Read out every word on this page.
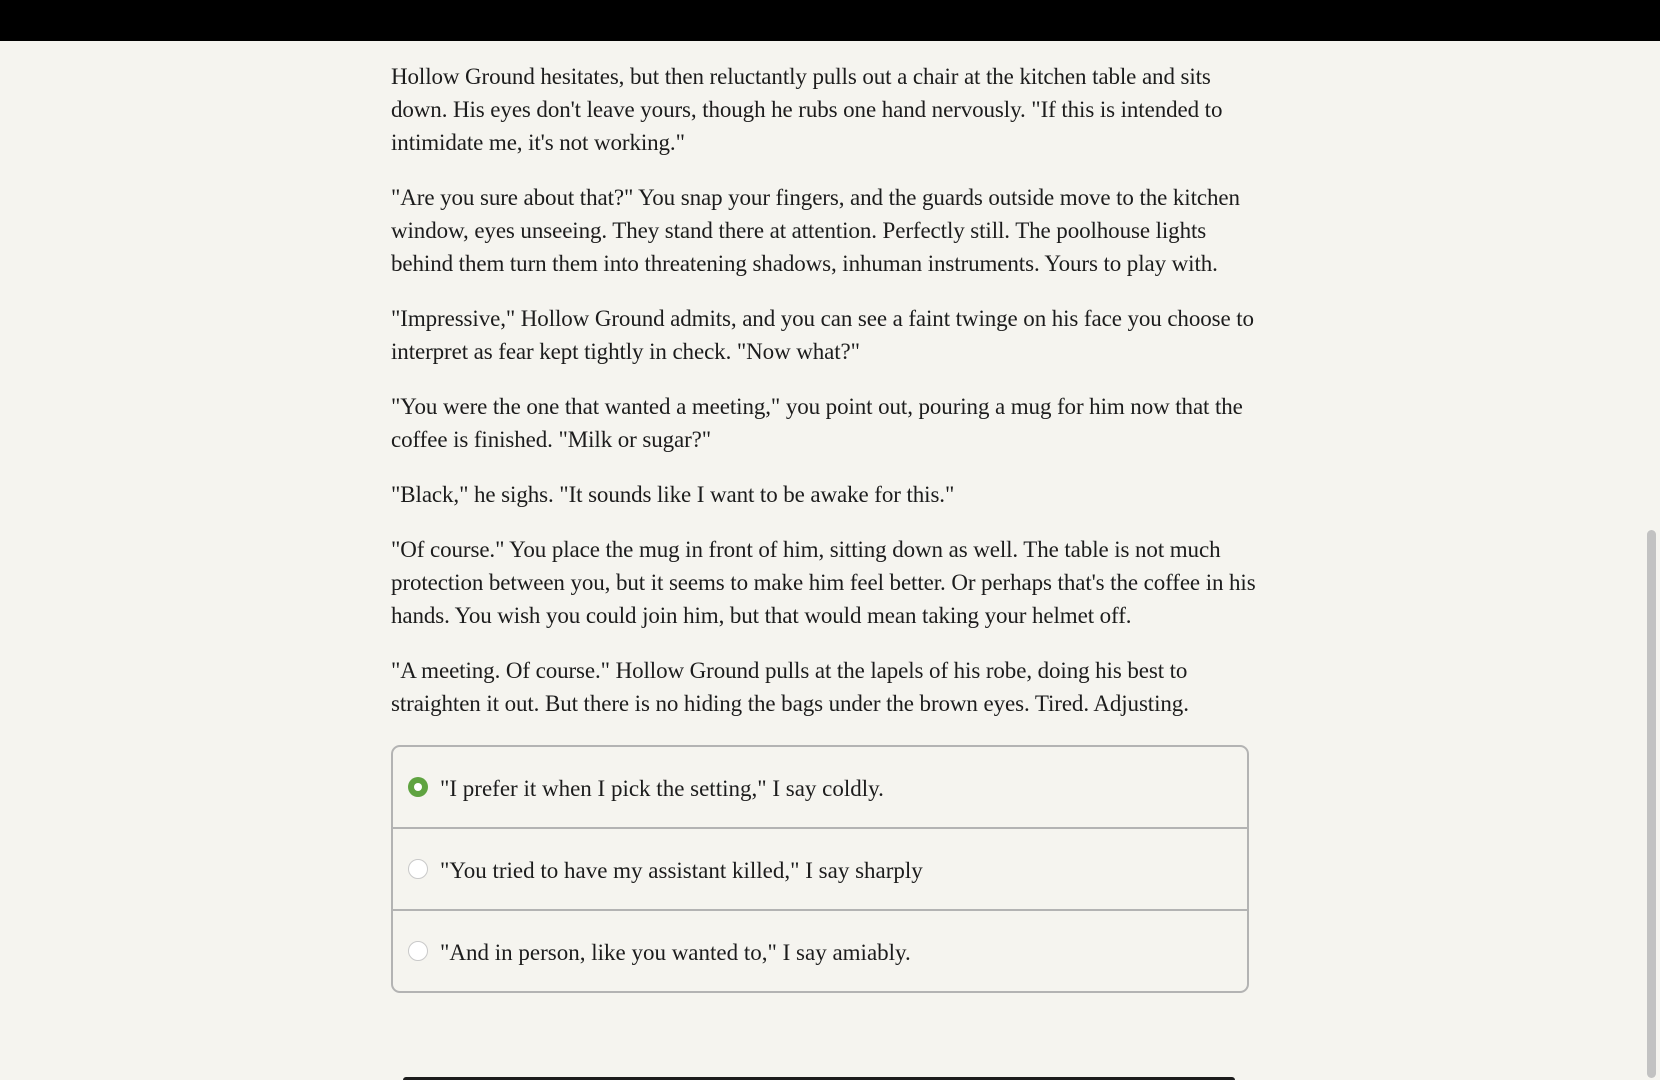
Hollow Ground hesitates, but then reluctantly pulls out a chair at the kitchen table and sits down. His eyes don't leave yours, though he rubs one hand nervously. "If this is intended to intimidate me, it's not working."

"Are you sure about that?" You snap your fingers, and the guards outside move to the kitchen window, eyes unseeing. They stand there at attention. Perfectly still. The poolhouse lights behind them turn them into threatening shadows, inhuman instruments. Yours to play with.

"Impressive," Hollow Ground admits, and you can see a faint twinge on his face you choose to interpret as fear kept tightly in check. "Now what?"

"You were the one that wanted a meeting," you point out, pouring a mug for him now that the coffee is finished. "Milk or sugar?"

"Black," he sighs. "It sounds like I want to be awake for this."

"Of course." You place the mug in front of him, sitting down as well. The table is not much protection between you, but it seems to make him feel better. Or perhaps that's the coffee in his hands. You wish you could join him, but that would mean taking your helmet off.

"A meeting. Of course." Hollow Ground pulls at the lapels of his robe, doing his best to straighten it out. But there is no hiding the bags under the brown eyes. Tired. Adjusting.

"I prefer it when I pick the setting," I say coldly.
"You tried to have my assistant killed," I say sharply
"And in person, like you wanted to," I say amiably.
